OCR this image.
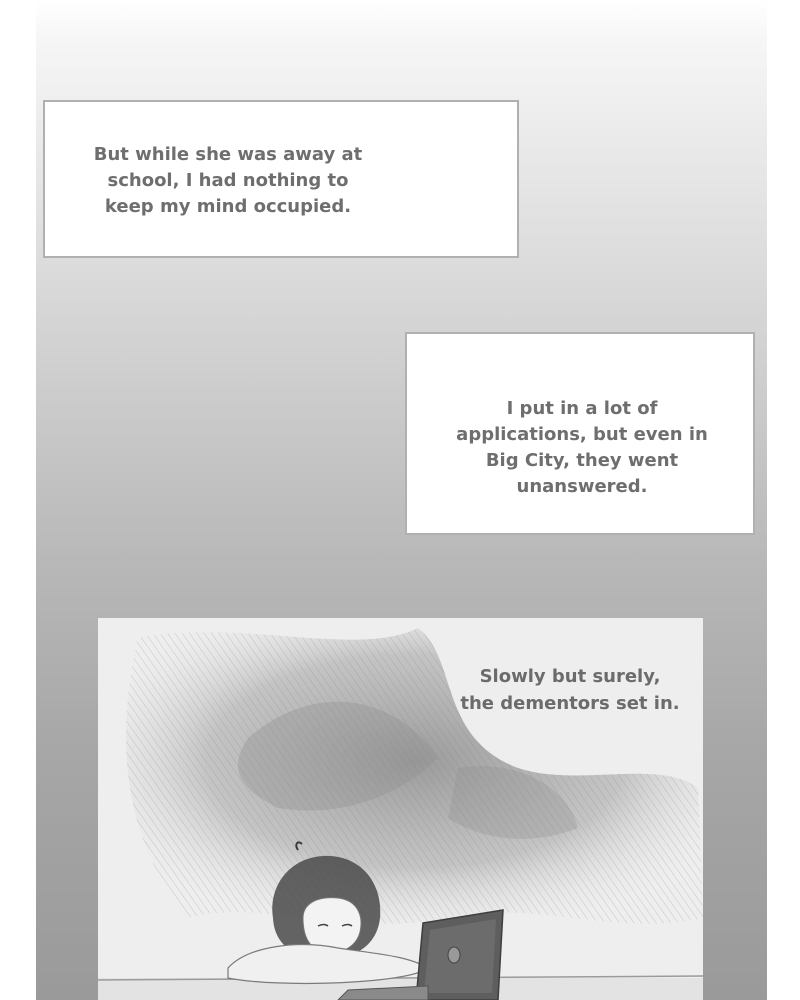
But while she was away at school, I had nothing to keep my mind occupied.
I put in a lot of applications, but even in Big City, they went unanswered.
Slowly but surely, the dementors set in.
